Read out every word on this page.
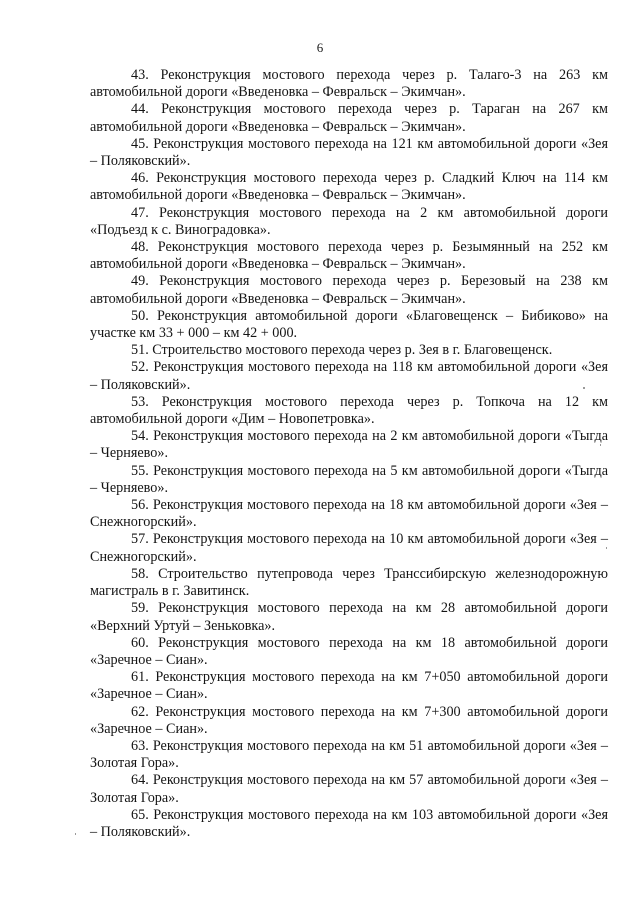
6

43. Реконструкция мостового перехода через р. Талаго-3 на 263 км автомобильной дороги «Введеновка – Февральск – Экимчан».

44. Реконструкция мостового перехода через р. Тараган на 267 км автомобильной дороги «Введеновка – Февральск – Экимчан».

45. Реконструкция мостового перехода на 121 км автомобильной дороги «Зея – Поляковский».

46. Реконструкция мостового перехода через р. Сладкий Ключ на 114 км автомобильной дороги «Введеновка – Февральск – Экимчан».

47. Реконструкция мостового перехода на 2 км автомобильной дороги «Подъезд к с. Виноградовка».

48. Реконструкция мостового перехода через р. Безымянный на 252 км автомобильной дороги «Введеновка – Февральск – Экимчан».

49. Реконструкция мостового перехода через р. Березовый на 238 км автомобильной дороги «Введеновка – Февральск – Экимчан».

50. Реконструкция автомобильной дороги «Благовещенск – Бибиково» на участке км 33 + 000 – км 42 + 000.

51. Строительство мостового перехода через р. Зея в г. Благовещенск.

52. Реконструкция мостового перехода на 118 км автомобильной дороги «Зея – Поляковский».

53. Реконструкция мостового перехода через р. Топкоча на 12 км автомобильной дороги «Дим – Новопетровка».

54. Реконструкция мостового перехода на 2 км автомобильной дороги «Тыгда – Черняево».

55. Реконструкция мостового перехода на 5 км автомобильной дороги «Тыгда – Черняево».

56. Реконструкция мостового перехода на 18 км автомобильной дороги «Зея – Снежногорский».

57. Реконструкция мостового перехода на 10 км автомобильной дороги «Зея – Снежногорский».

58. Строительство путепровода через Транссибирскую железнодорожную магистраль в г. Завитинск.

59. Реконструкция мостового перехода на км 28 автомобильной дороги «Верхний Уртуй – Зеньковка».

60. Реконструкция мостового перехода на км 18 автомобильной дороги «Заречное – Сиан».

61. Реконструкция мостового перехода на км 7+050 автомобильной дороги «Заречное – Сиан».

62. Реконструкция мостового перехода на км 7+300 автомобильной дороги «Заречное – Сиан».

63. Реконструкция мостового перехода на км 51 автомобильной дороги «Зея – Золотая Гора».

64. Реконструкция мостового перехода на км 57 автомобильной дороги «Зея – Золотая Гора».

65. Реконструкция мостового перехода на км 103 автомобильной дороги «Зея – Поляковский».
